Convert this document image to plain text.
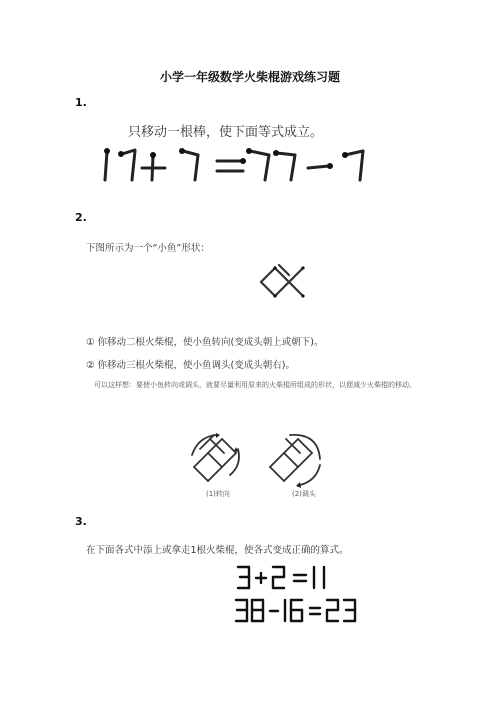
小学一年级数学火柴棍游戏练习题
1.
只移动一根棒，使下面等式成立。
2.
下图所示为一个“小鱼”形状：
① 你移动二根火柴棍，使小鱼转向(变成头朝上或朝下)。
② 你移动三根火柴棍，使小鱼调头(变成头朝右)。
可以这样想：要使小鱼转向或调头，就要尽量利用原来的火柴棍所组成的形状，以便减少火柴棍的移动。
(1)转向	(2)调头
3.
在下面各式中添上或拿走1根火柴棍，使各式变成正确的算式。
